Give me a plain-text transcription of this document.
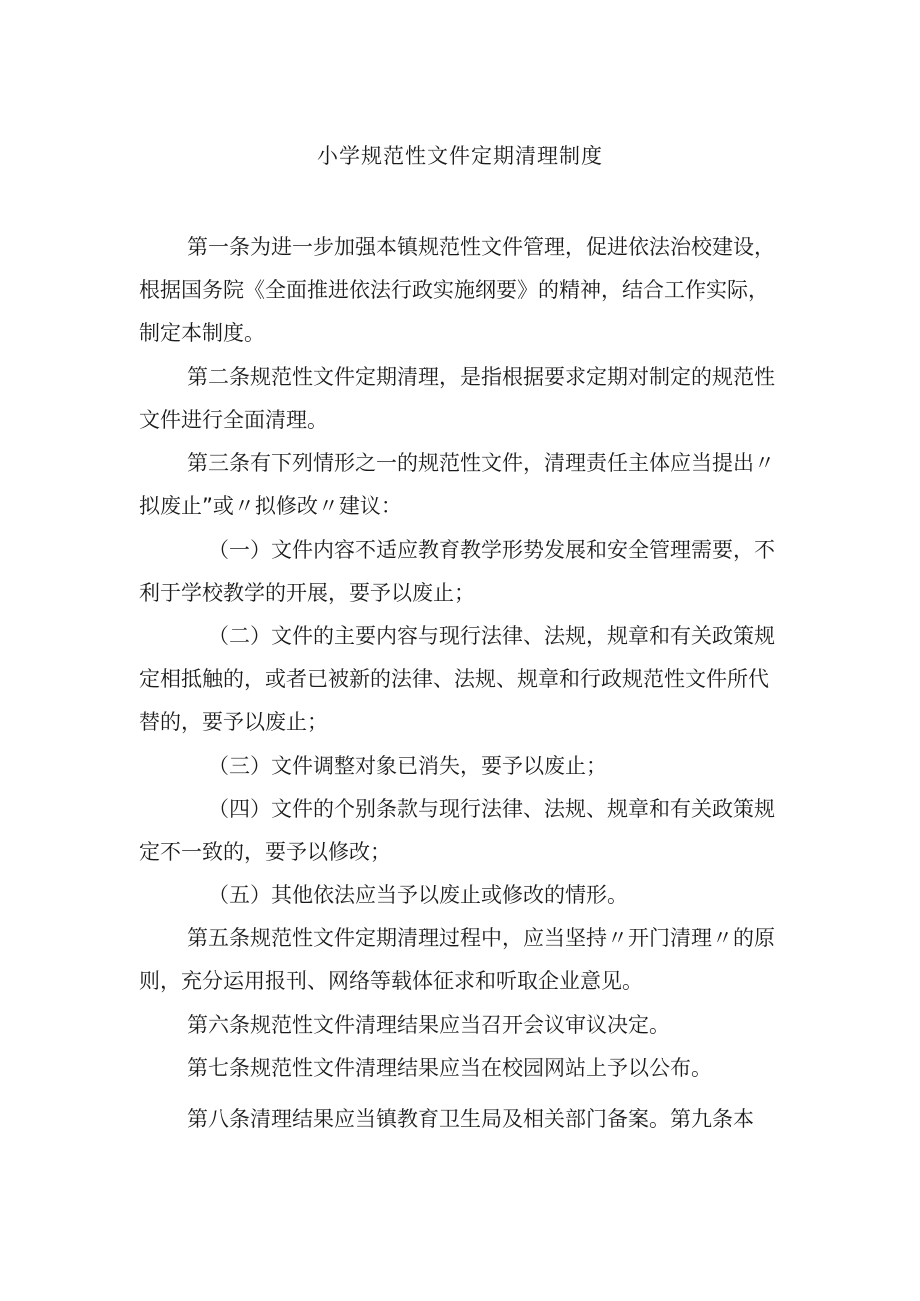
小学规范性文件定期清理制度
第一条为进一步加强本镇规范性文件管理，促进依法治校建设，
根据国务院《全面推进依法行政实施纲要》的精神，结合工作实际，
制定本制度。
第二条规范性文件定期清理，是指根据要求定期对制定的规范性
文件进行全面清理。
第三条有下列情形之一的规范性文件，清理责任主体应当提出〃
拟废止”或〃拟修改〃建议：
（一）文件内容不适应教育教学形势发展和安全管理需要，不
利于学校教学的开展，要予以废止；
（二）文件的主要内容与现行法律、法规，规章和有关政策规
定相抵触的，或者已被新的法律、法规、规章和行政规范性文件所代
替的，要予以废止；
（三）文件调整对象已消失，要予以废止；
（四）文件的个别条款与现行法律、法规、规章和有关政策规
定不一致的，要予以修改；
（五）其他依法应当予以废止或修改的情形。
第五条规范性文件定期清理过程中，应当坚持〃开门清理〃的原
则，充分运用报刊、网络等载体征求和听取企业意见。
第六条规范性文件清理结果应当召开会议审议决定。
第七条规范性文件清理结果应当在校园网站上予以公布。
第八条清理结果应当镇教育卫生局及相关部门备案。第九条本
